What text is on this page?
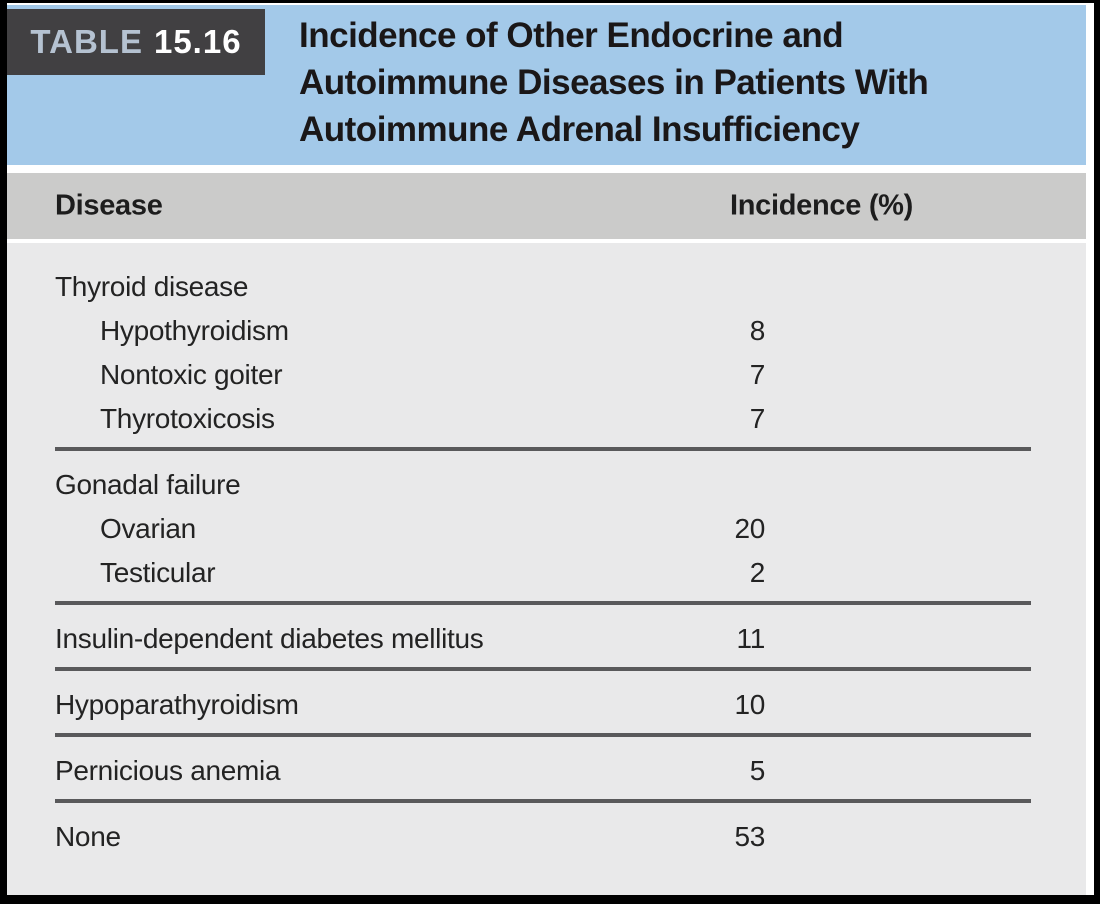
TABLE 15.16 Incidence of Other Endocrine and
Autoimmune Diseases in Patients With
Autoimmune Adrenal Insufficiency
Disease	Incidence (%)
Thyroid disease
Hypothyroidism	8
Nontoxic goiter	7
Thyrotoxicosis	7
Gonadal failure
Ovarian	20
Testicular	2
Insulin-dependent diabetes mellitus	11
Hypoparathyroidism	10
Pernicious anemia	5
None	53
